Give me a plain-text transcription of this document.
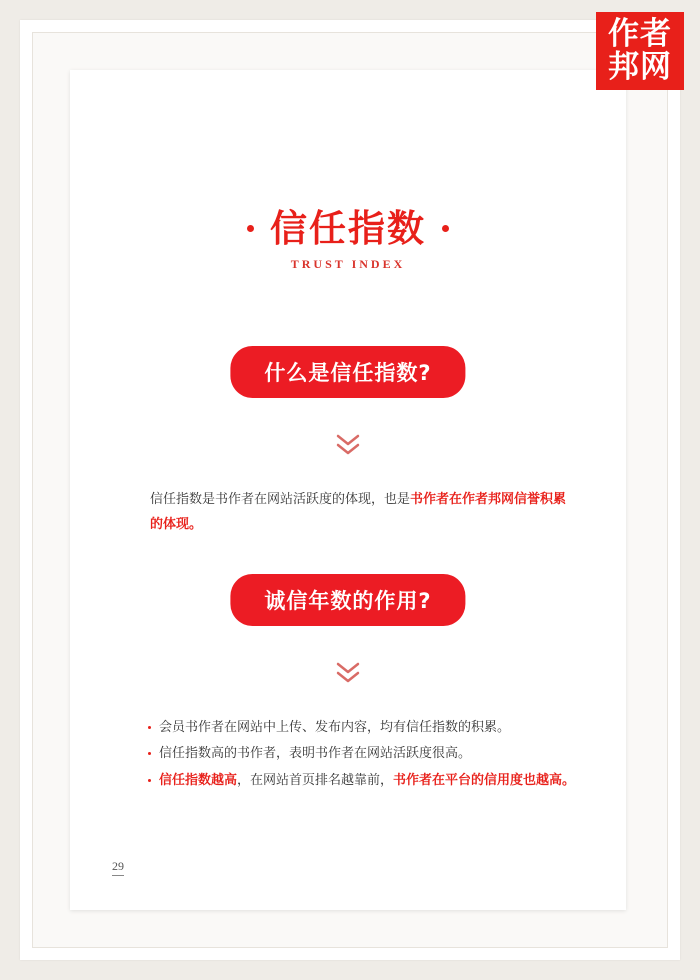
信任指数
TRUST INDEX
什么是信任指数?
信任指数是书作者在网站活跃度的体现，也是书作者在作者邦网信誉积累的体现。
诚信年数的作用?
会员书作者在网站中上传、发布内容，均有信任指数的积累。
信任指数高的书作者，表明书作者在网站活跃度很高。
信任指数越高，在网站首页排名越靠前，书作者在平台的信用度也越高。
29
作者
邦网
